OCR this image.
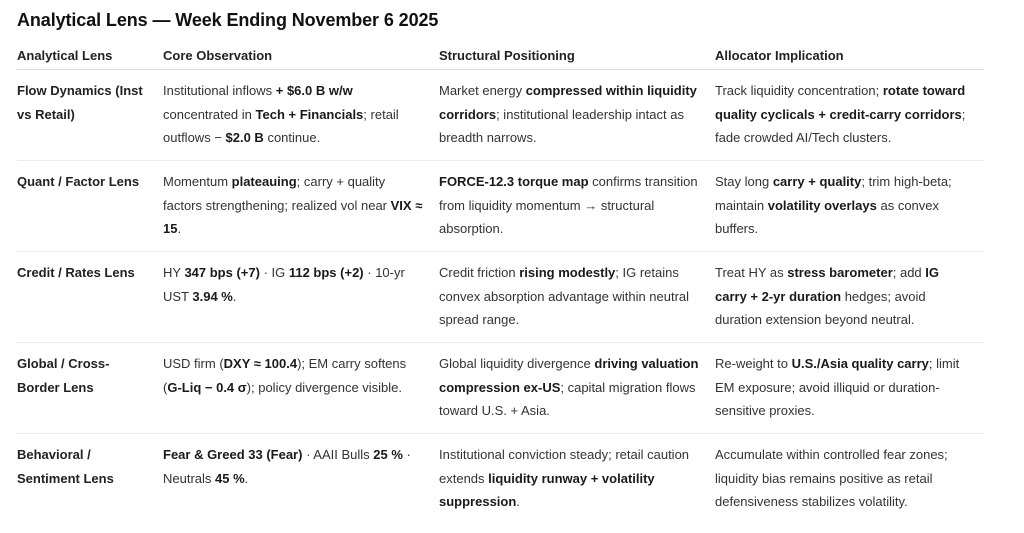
Analytical Lens — Week Ending November 6 2025
Analytical Lens	Core Observation	Structural Positioning	Allocator Implication
Flow Dynamics (Inst vs Retail)	Institutional inflows + $6.0 B w/w concentrated in Tech + Financials; retail outflows − $2.0 B continue.	Market energy compressed within liquidity corridors; institutional leadership intact as breadth narrows.	Track liquidity concentration; rotate toward quality cyclicals + credit-carry corridors; fade crowded AI/Tech clusters.
Quant / Factor Lens	Momentum plateauing; carry + quality factors strengthening; realized vol near VIX ≈ 15.	FORCE-12.3 torque map confirms transition from liquidity momentum → structural absorption.	Stay long carry + quality; trim high-beta; maintain volatility overlays as convex buffers.
Credit / Rates Lens	HY 347 bps (+7) · IG 112 bps (+2) · 10-yr UST 3.94 %.	Credit friction rising modestly; IG retains convex absorption advantage within neutral spread range.	Treat HY as stress barometer; add IG carry + 2-yr duration hedges; avoid duration extension beyond neutral.
Global / Cross-Border Lens	USD firm (DXY ≈ 100.4); EM carry softens (G-Liq − 0.4 σ); policy divergence visible.	Global liquidity divergence driving valuation compression ex-US; capital migration flows toward U.S. + Asia.	Re-weight to U.S./Asia quality carry; limit EM exposure; avoid illiquid or duration-sensitive proxies.
Behavioral / Sentiment Lens	Fear & Greed 33 (Fear) · AAII Bulls 25 % · Neutrals 45 %.	Institutional conviction steady; retail caution extends liquidity runway + volatility suppression.	Accumulate within controlled fear zones; liquidity bias remains positive as retail defensiveness stabilizes volatility.
